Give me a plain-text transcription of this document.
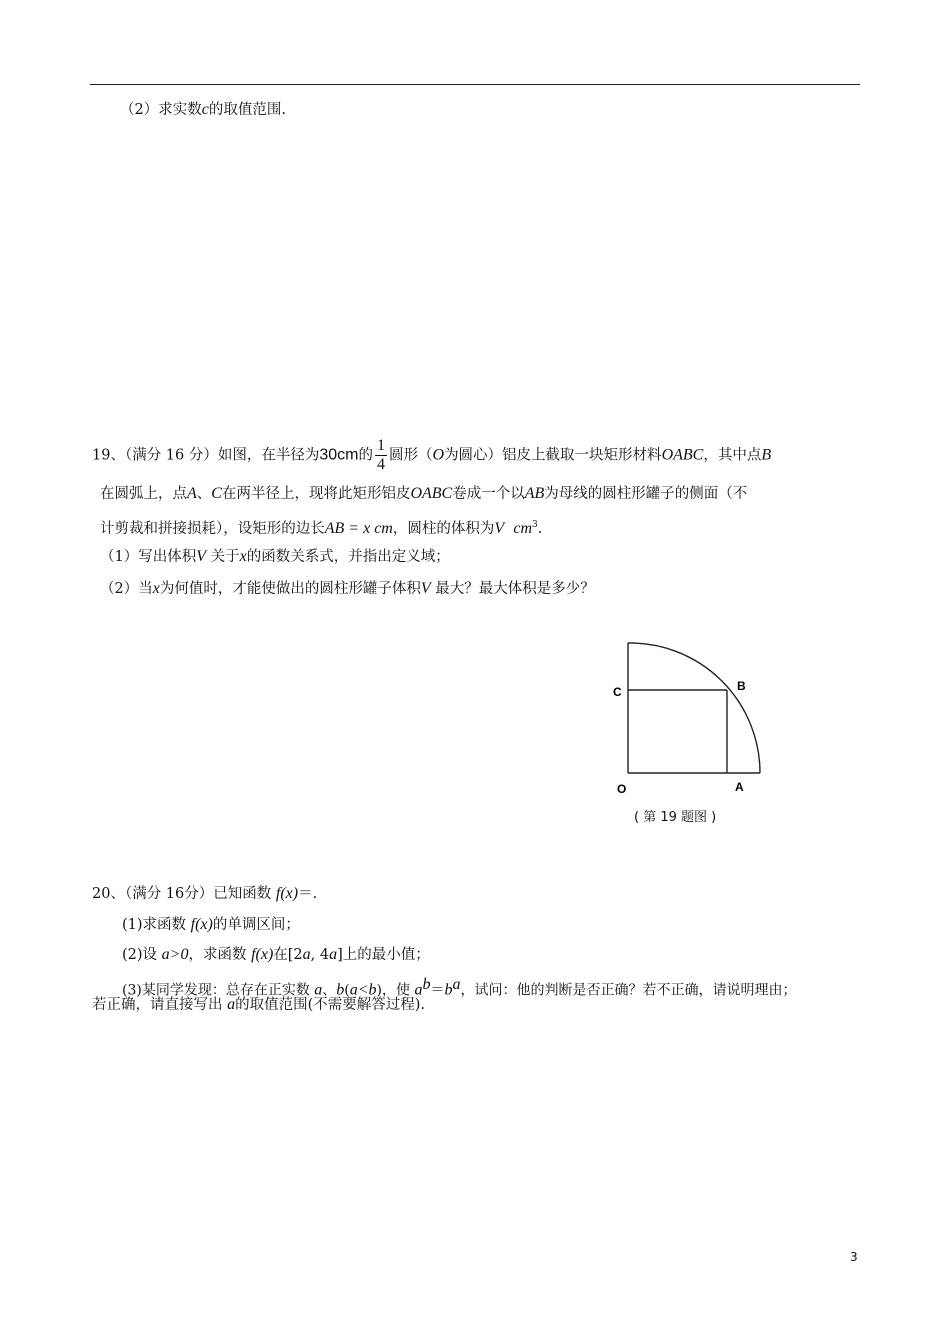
（2）求实数c的取值范围.
19、（满分 16 分）如图，在半径为30cm的 $\frac{1}{4}$ 圆形（O为圆心）铝皮上截取一块矩形材料OABC，其中点B
在圆弧上，点A、C在两半径上，现将此矩形铝皮OABC卷成一个以AB为母线的圆柱形罐子的侧面（不
计剪裁和拼接损耗），设矩形的边长AB = x cm，圆柱的体积为V $cm^3$.
（1）写出体积V 关于x的函数关系式，并指出定义域；
（2）当x为何值时，才能使做出的圆柱形罐子体积V 最大？最大体积是多少？
C	B
O	A
( 第 19 题图 )
20、（满分 16分）已知函数 f(x)＝.
(1)求函数 f(x)的单调区间；
(2)设 a>0，求函数 f(x)在[2a, 4a]上的最小值；
(3)某同学发现：总存在正实数 a、b(a<b)，使 $a^b=b^a$，试问：他的判断是否正确？若不正确，请说明理由；
若正确，请直接写出 a的取值范围(不需要解答过程).
3
